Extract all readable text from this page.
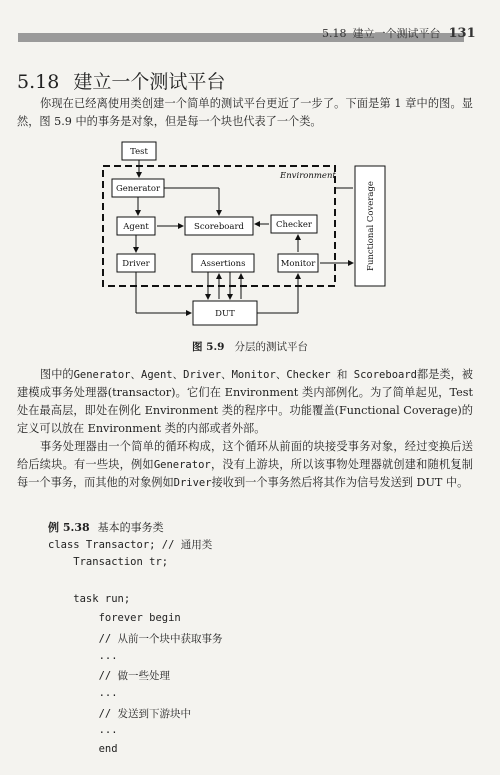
5.18 建立一个测试平台 131
5.18 建立一个测试平台
你现在已经离使用类创建一个简单的测试平台更近了一步了。下面是第 1 章中的图。显然，图 5.9 中的事务是对象，但是每一个块也代表了一个类。
Environment
Test
Generator
Agent	Scoreboard	Checker
Driver	Assertions	Monitor
DUT
Functional Coverage
图 5.9 分层的测试平台
图中的Generator、Agent、Driver、Monitor、Checker 和 Scoreboard都是类，被建模成事务处理器(transactor)。它们在 Environment 类内部例化。为了简单起见，Test 处在最高层，即处在例化 Environment 类的程序中。功能覆盖(Functional Coverage)的定义可以放在 Environment 类的内部或者外部。
事务处理器由一个简单的循环构成，这个循环从前面的块接受事务对象，经过变换后送给后续块。有一些块，例如Generator，没有上游块，所以该事物处理器就创建和随机复制每一个事务，而其他的对象例如Driver接收到一个事务然后将其作为信号发送到 DUT 中。
例 5.38 基本的事务类
class Transactor; // 通用类
Transaction tr;
task run;
forever begin
// 从前一个块中获取事务
...
// 做一些处理
...
// 发送到下游块中
...
end
